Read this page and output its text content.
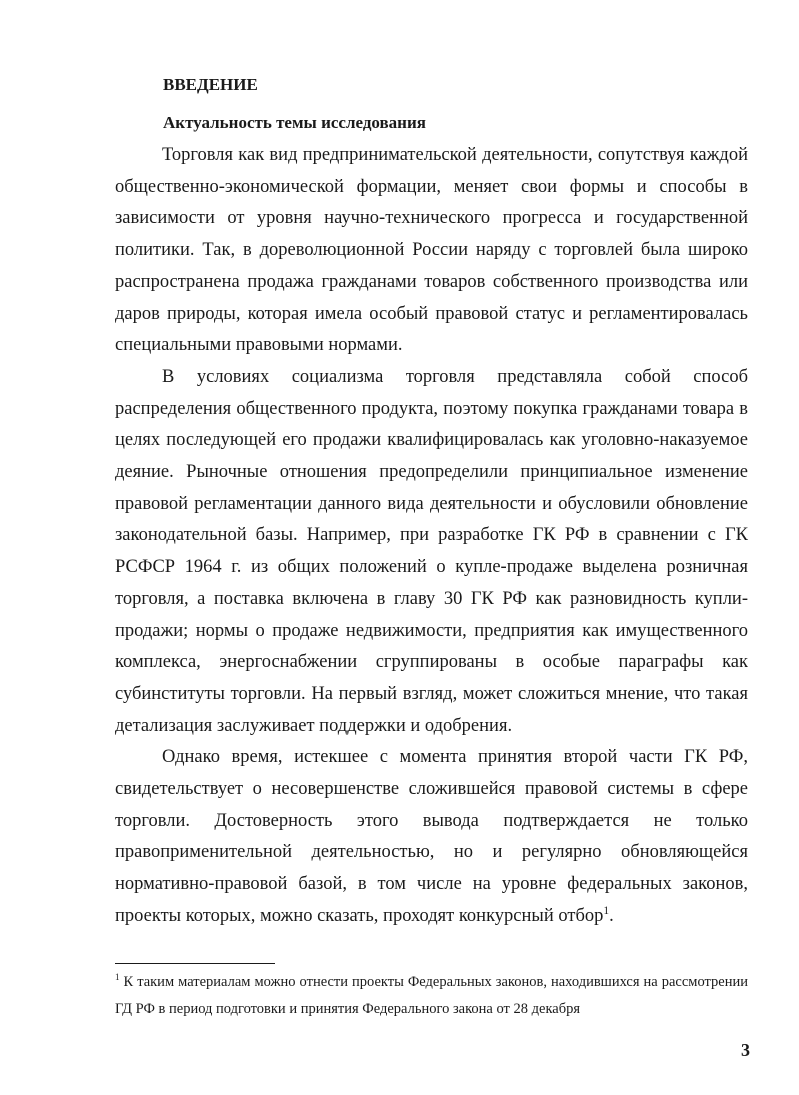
ВВЕДЕНИЕ
Актуальность темы исследования

Торговля как вид предпринимательской деятельности, сопутствуя каждой общественно-экономической формации, меняет свои формы и способы в зависимости от уровня научно-технического прогресса и государственной политики. Так, в дореволюционной России наряду с торговлей была широко распространена продажа гражданами товаров собственного производства или даров природы, которая имела особый правовой статус и регламентировалась специальными правовыми нормами.

В условиях социализма торговля представляла собой способ распределения общественного продукта, поэтому покупка гражданами товара в целях последующей его продажи квалифицировалась как уголовно-наказуемое деяние. Рыночные отношения предопределили принципиальное изменение правовой регламентации данного вида деятельности и обусловили обновление законодательной базы. Например, при разработке ГК РФ в сравнении с ГК РСФСР 1964 г. из общих положений о купле-продаже выделена розничная торговля, а поставка включена в главу 30 ГК РФ как разновидность купли-продажи; нормы о продаже недвижимости, предприятия как имущественного комплекса, энергоснабжении сгруппированы в особые параграфы как субинституты торговли. На первый взгляд, может сложиться мнение, что такая детализация заслуживает поддержки и одобрения.

Однако время, истекшее с момента принятия второй части ГК РФ, свидетельствует о несовершенстве сложившейся правовой системы в сфере торговли. Достоверность этого вывода подтверждается не только правоприменительной деятельностью, но и регулярно обновляющейся нормативно-правовой базой, в том числе на уровне федеральных законов, проекты которых, можно сказать, проходят конкурсный отбор$^1$.

$^1$ К таким материалам можно отнести проекты Федеральных законов, находившихся на рассмотрении ГД РФ в период подготовки и принятия Федерального закона от 28 декабря
3
